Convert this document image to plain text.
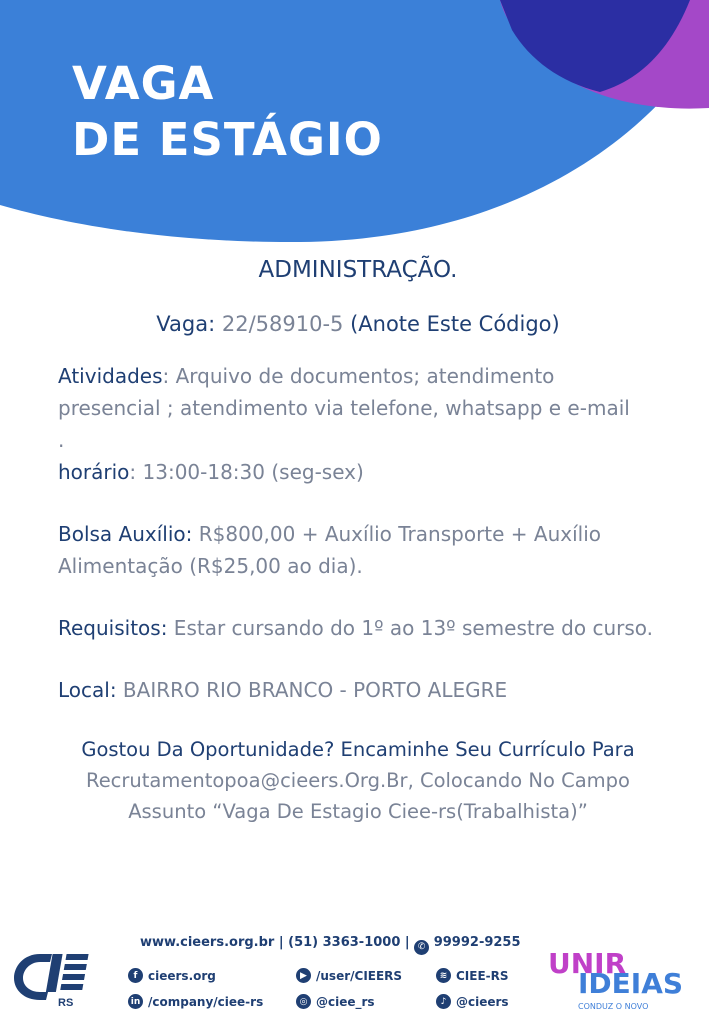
VAGA
DE ESTÁGIO

ADMINISTRAÇÃO.

Vaga: 22/58910-5 (Anote Este Código)

Atividades: Arquivo de documentos; atendimento presencial ; atendimento via telefone, whatsapp e e-mail
.

horário: 13:00-18:30 (seg-sex)

Bolsa Auxílio: R$800,00 + Auxílio Transporte + Auxílio Alimentação (R$25,00 ao dia).

Requisitos: Estar cursando do 1º ao 13º semestre do curso.

Local: BAIRRO RIO BRANCO - PORTO ALEGRE

Gostou Da Oportunidade? Encaminhe Seu Currículo Para
Recrutamentopoa@cieers.Org.Br, Colocando No Campo
Assunto “Vaga De Estagio Ciee-rs(Trabalhista)”
RS
www.cieers.org.br | (51) 3363-1000 | ✆ 99992-9255
f cieers.org
in /company/ciee-rs
▶ /user/CIEERS
◎ @ciee_rs
≋ CIEE-RS
♪ @cieers
UNIR
IDEIAS
CONDUZ O NOVO
